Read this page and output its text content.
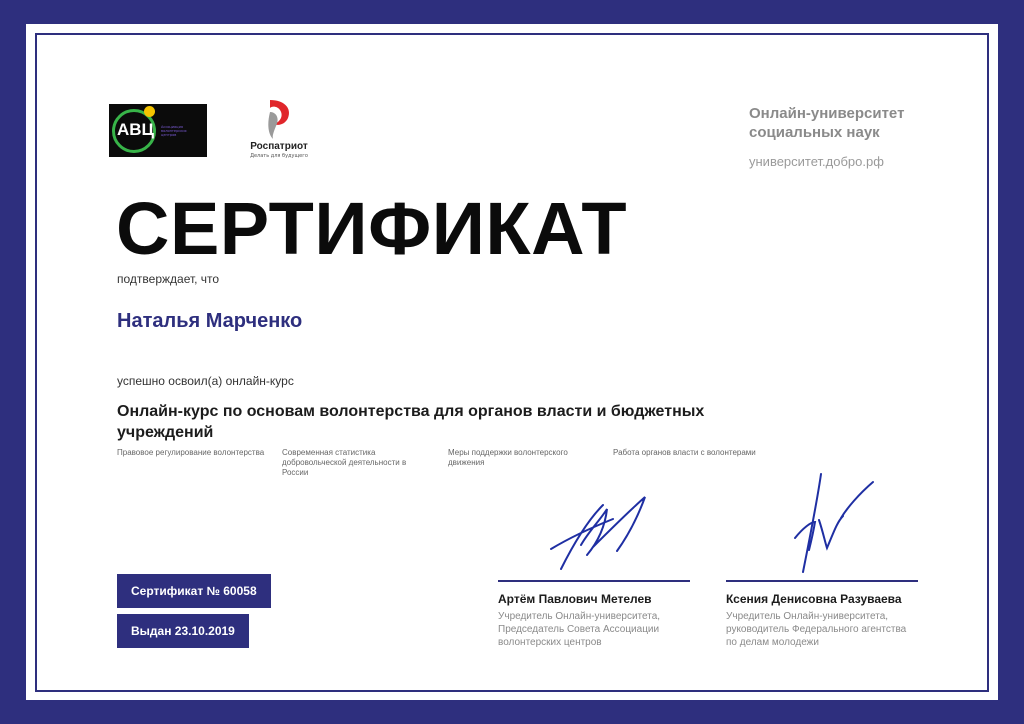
АВЦ Ассоциация волонтерских центров
Роспатриот
Делать для будущего
Онлайн-университет
социальных наук
университет.добро.рф
СЕРТИФИКАТ
подтверждает, что
Наталья Марченко
успешно освоил(а) онлайн-курс
Онлайн-курс по основам волонтерства для органов власти и бюджетных
учреждений
Правовое регулирование волонтерства	Современная статистика добровольческой деятельности в России
Меры поддержки волонтерского движения
Работа органов власти с волонтерами
Сертификат № 60058
Выдан 23.10.2019
Артём Павлович Метелев
Учредитель Онлайн-университета,
Председатель Совета Ассоциации
волонтерских центров
Ксения Денисовна Разуваева
Учредитель Онлайн-университета,
руководитель Федерального агентства
по делам молодежи
